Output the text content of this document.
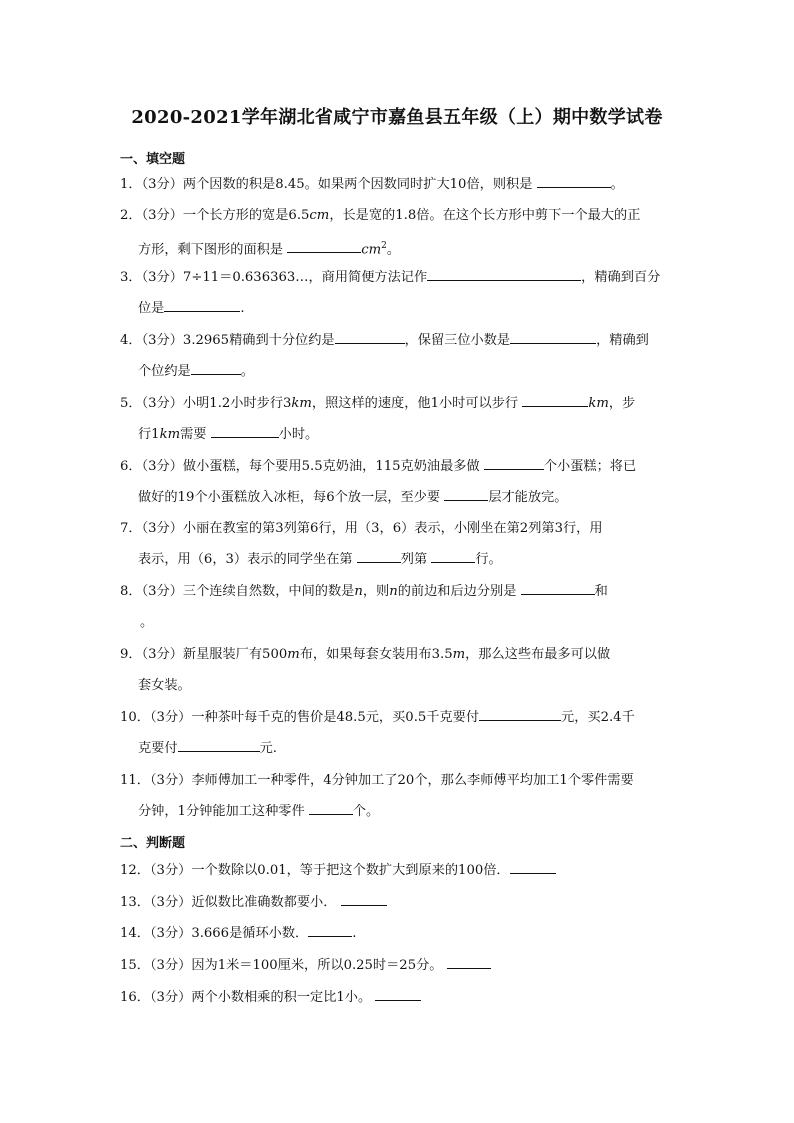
2020-2021学年湖北省咸宁市嘉鱼县五年级（上）期中数学试卷
一、填空题
1．（3分）两个因数的积是8.45。如果两个因数同时扩大10倍，则积是	。
2．（3分）一个长方形的宽是6.5cm，长是宽的1.8倍。在这个长方形中剪下一个最大的正
方形，剩下图形的面积是	$cm^2$。
3．（3分）7÷11＝0.636363…，商用简便方法记作	，精确到百分
位是	.
4．（3分）3.2965精确到十分位约是	，保留三位小数是	，精确到
个位约是	。
5．（3分）小明1.2小时步行3km，照这样的速度，他1小时可以步行	km，步
行1km需要	小时。
6．（3分）做小蛋糕，每个要用5.5克奶油，115克奶油最多做	个小蛋糕；将已
做好的19个小蛋糕放入冰柜，每6个放一层，至少要	层才能放完。
7．（3分）小丽在教室的第3列第6行，用（3，6）表示，小刚坐在第2列第3行，用
表示，用（6，3）表示的同学坐在第	列第	行。
8．（3分）三个连续自然数，中间的数是n，则n的前边和后边分别是	和
。
9．（3分）新星服装厂有500m布，如果每套女装用布3.5m，那么这些布最多可以做
套女装。
10．（3分）一种茶叶每千克的售价是48.5元，买0.5千克要付	元，买2.4千
克要付	元.
11．（3分）李师傅加工一种零件，4分钟加工了20个，那么李师傅平均加工1个零件需要
分钟，1分钟能加工这种零件	个。
二、判断题
12．（3分）一个数除以0.01，等于把这个数扩大到原来的100倍．
13．（3分）近似数比准确数都要小．
14．（3分）3.666是循环小数．	.
15．（3分）因为1米＝100厘米，所以0.25时＝25分。
16．（3分）两个小数相乘的积一定比1小。
